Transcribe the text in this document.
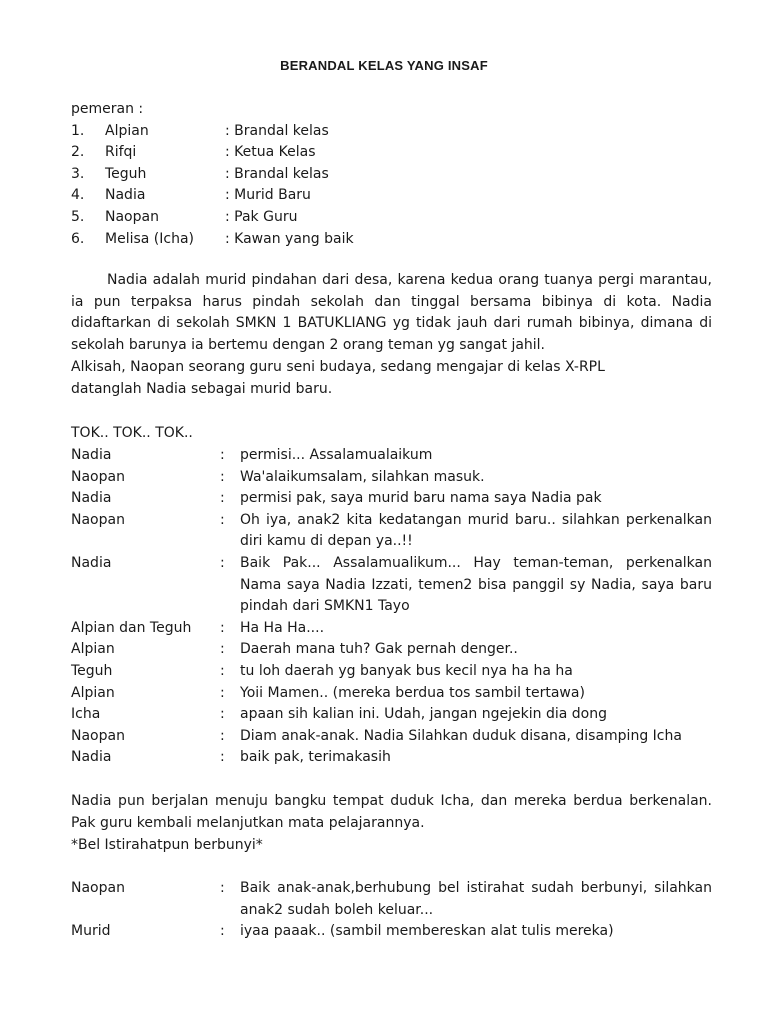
BERANDAL KELAS YANG INSAF
pemeran :
1.	Alpian	: Brandal kelas
2.	Rifqi	: Ketua Kelas
3.	Teguh	: Brandal kelas
4.	Nadia	: Murid Baru
5.	Naopan	: Pak Guru
6.	Melisa (Icha)	: Kawan yang baik

Nadia adalah murid pindahan dari desa, karena kedua orang tuanya pergi marantau, ia pun terpaksa harus pindah sekolah dan tinggal bersama bibinya di kota. Nadia didaftarkan di sekolah SMKN 1 BATUKLIANG yg tidak jauh dari rumah bibinya, dimana di sekolah barunya ia bertemu dengan 2 orang teman yg sangat jahil.

Alkisah, Naopan seorang guru seni budaya, sedang mengajar di kelas X-RPL

datanglah Nadia sebagai murid baru.

TOK.. TOK.. TOK..

Nadia	:	permisi... Assalamualaikum
Naopan	:	Wa'alaikumsalam, silahkan masuk.
Nadia	:	permisi pak, saya murid baru nama saya Nadia pak
Naopan	:	Oh iya, anak2 kita kedatangan murid baru.. silahkan perkenalkan diri kamu di depan ya..!!
Nadia	:	Baik Pak... Assalamualikum... Hay teman-teman, perkenalkan Nama saya Nadia Izzati, temen2 bisa panggil sy Nadia, saya baru pindah dari SMKN1 Tayo
Alpian dan Teguh	:	Ha Ha Ha....
Alpian	:	Daerah mana tuh? Gak pernah denger..
Teguh	:	tu loh daerah yg banyak bus kecil nya ha ha ha
Alpian	:	Yoii Mamen.. (mereka berdua tos sambil tertawa)
Icha	:	apaan sih kalian ini. Udah, jangan ngejekin dia dong
Naopan	:	Diam anak-anak. Nadia Silahkan duduk disana, disamping Icha
Nadia	:	baik pak, terimakasih

Nadia pun berjalan menuju bangku tempat duduk Icha, dan mereka berdua berkenalan. Pak guru kembali melanjutkan mata pelajarannya.

*Bel Istirahatpun berbunyi*

Naopan	:	Baik anak-anak,berhubung bel istirahat sudah berbunyi, silahkan anak2 sudah boleh keluar...
Murid	:	iyaa paaak.. (sambil membereskan alat tulis mereka)
